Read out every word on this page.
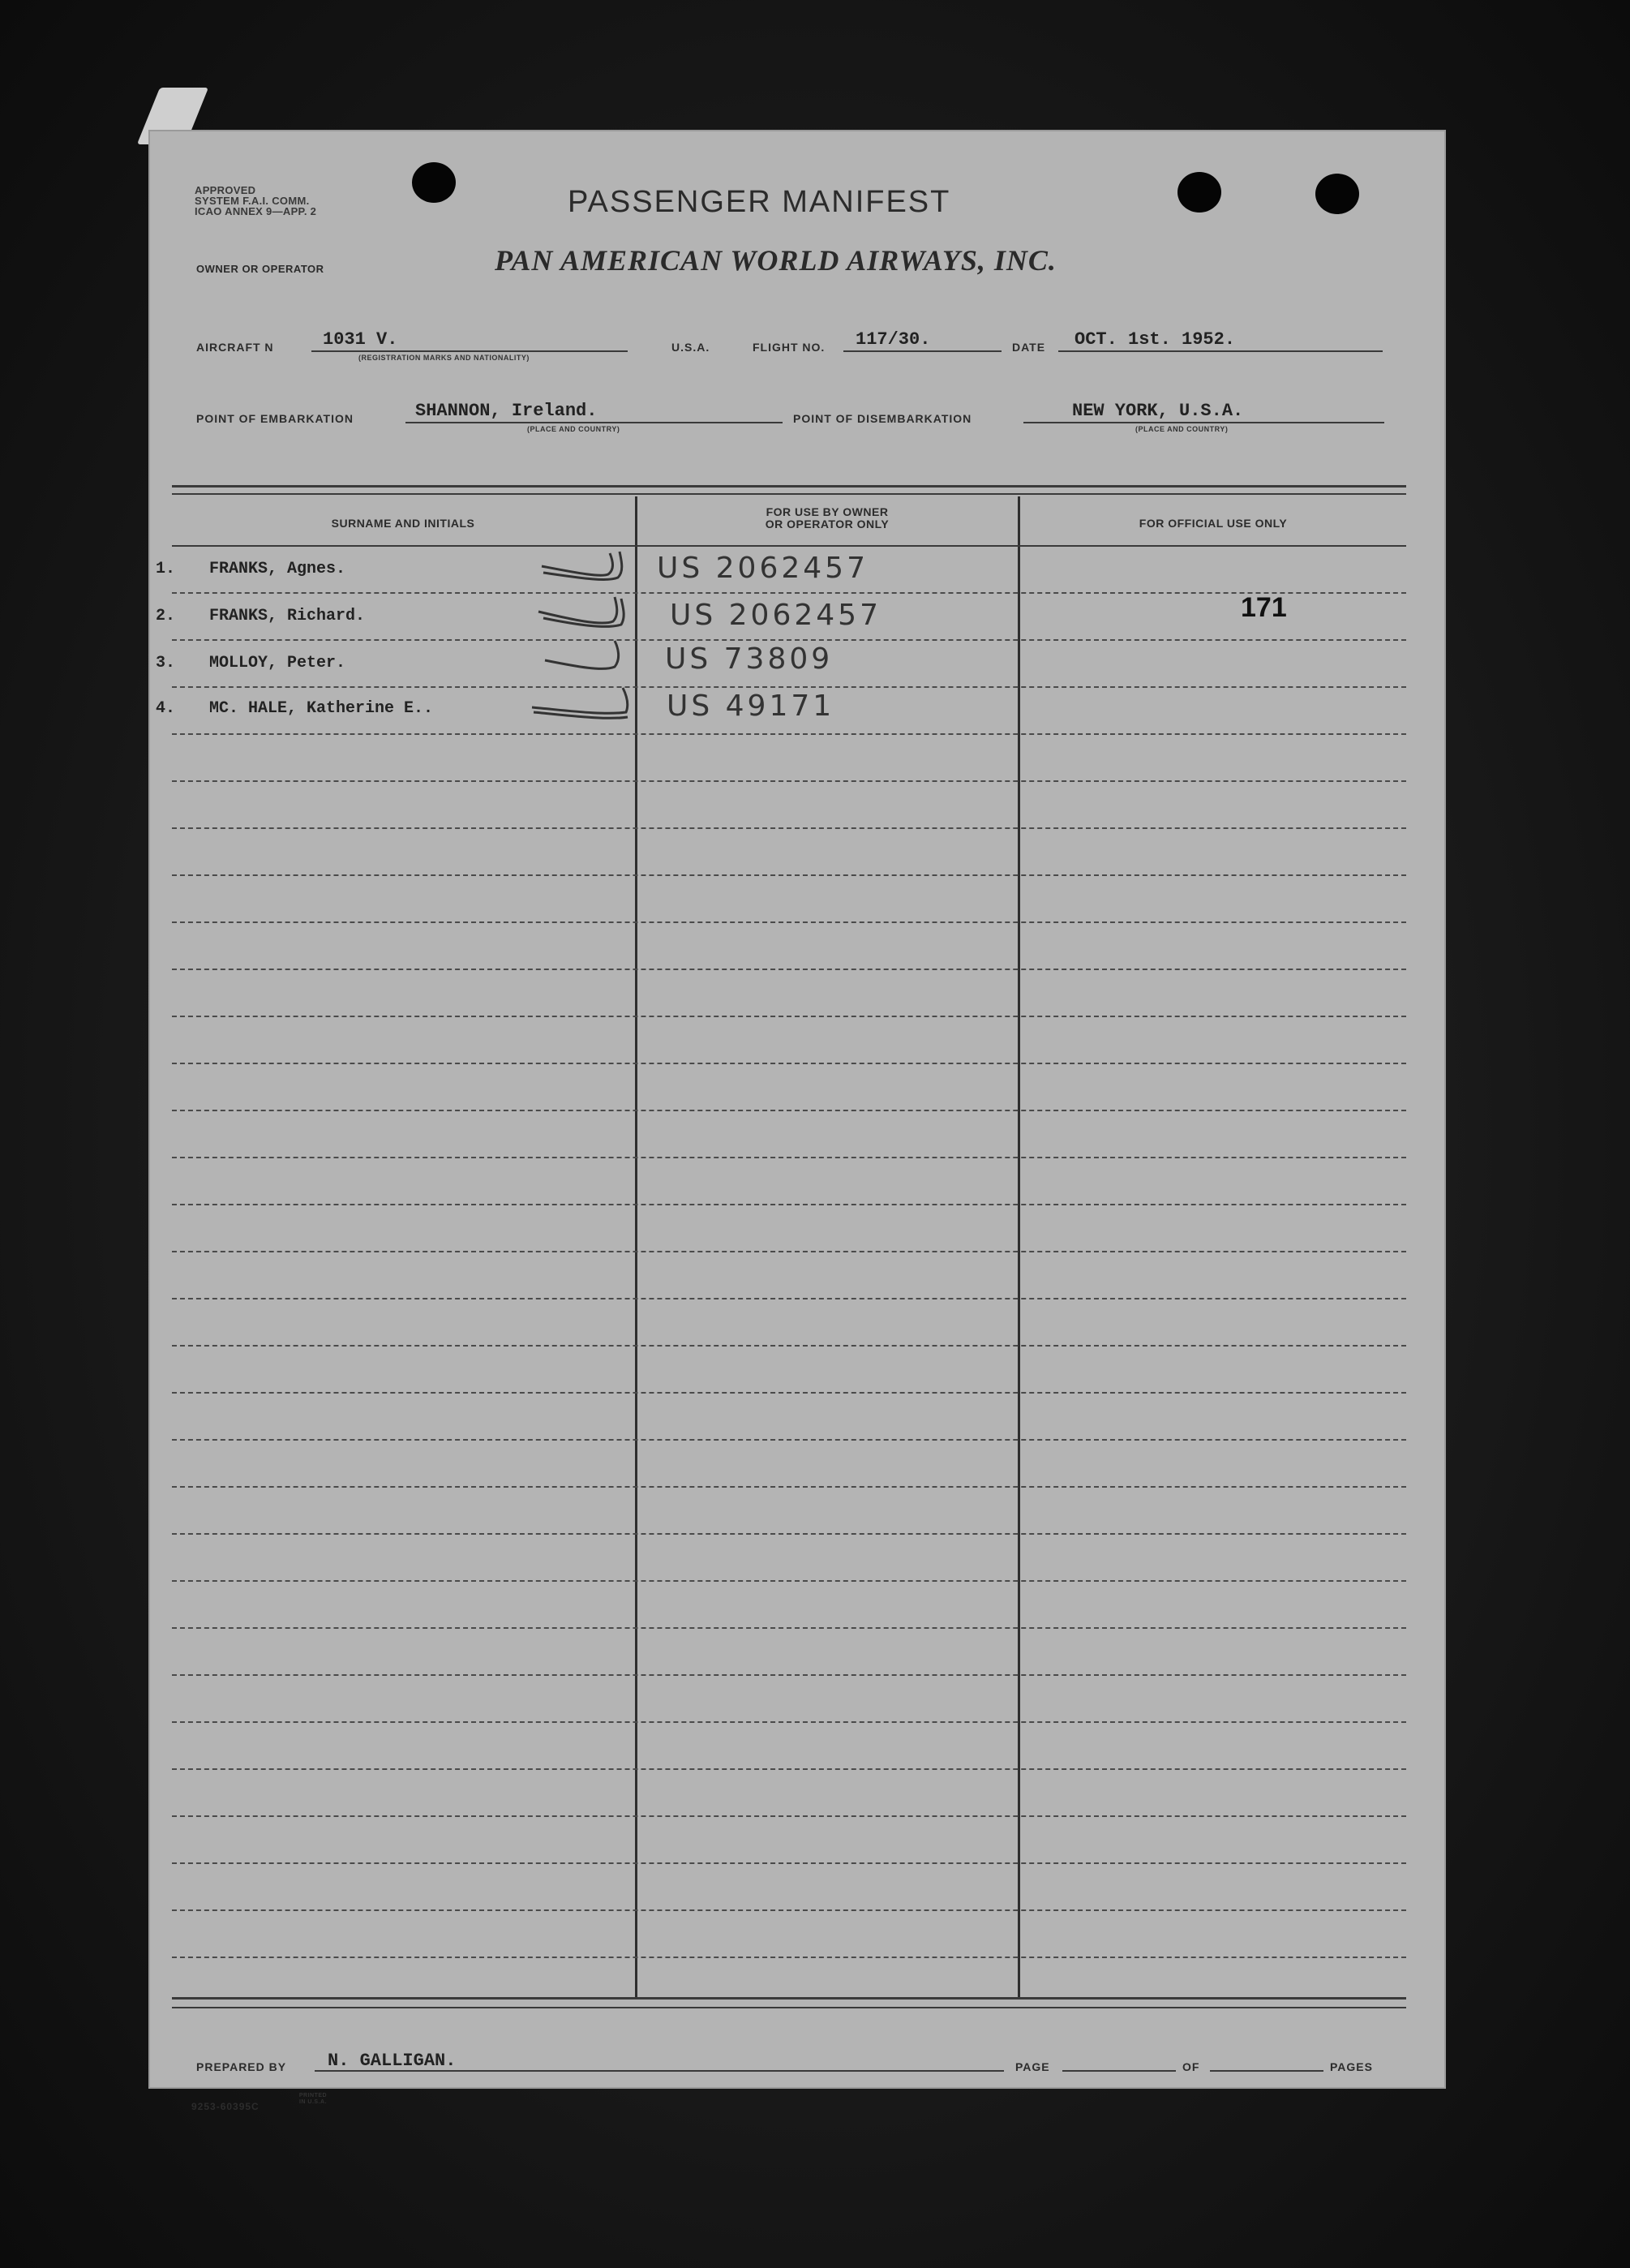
APPROVED
SYSTEM F.A.I. COMM.
ICAO ANNEX 9—APP. 2	PASSENGER MANIFEST
OWNER OR OPERATOR	PAN AMERICAN WORLD AIRWAYS, INC.
AIRCRAFT N	1031 V.
(REGISTRATION MARKS AND NATIONALITY)
U.S.A.	FLIGHT NO. 117/30.	DATE OCT. 1st. 1952.
POINT OF EMBARKATION	SHANNON, Ireland.
(PLACE AND COUNTRY)
POINT OF DISEMBARKATION	NEW YORK, U.S.A.
(PLACE AND COUNTRY)
SURNAME AND INITIALS
FOR USE BY OWNER
OR OPERATOR ONLY	FOR OFFICIAL USE ONLY
1. FRANKS, Agnes.	US 2062457
2. FRANKS, Richard.	US 2062457	171
3. MOLLOY, Peter.	US 73809
4. MC. HALE, Katherine E..	US 49171
PREPARED BY N. GALLIGAN.	PAGE	OF	PAGES
9253-60395C
PRINTED IN U.S.A.
